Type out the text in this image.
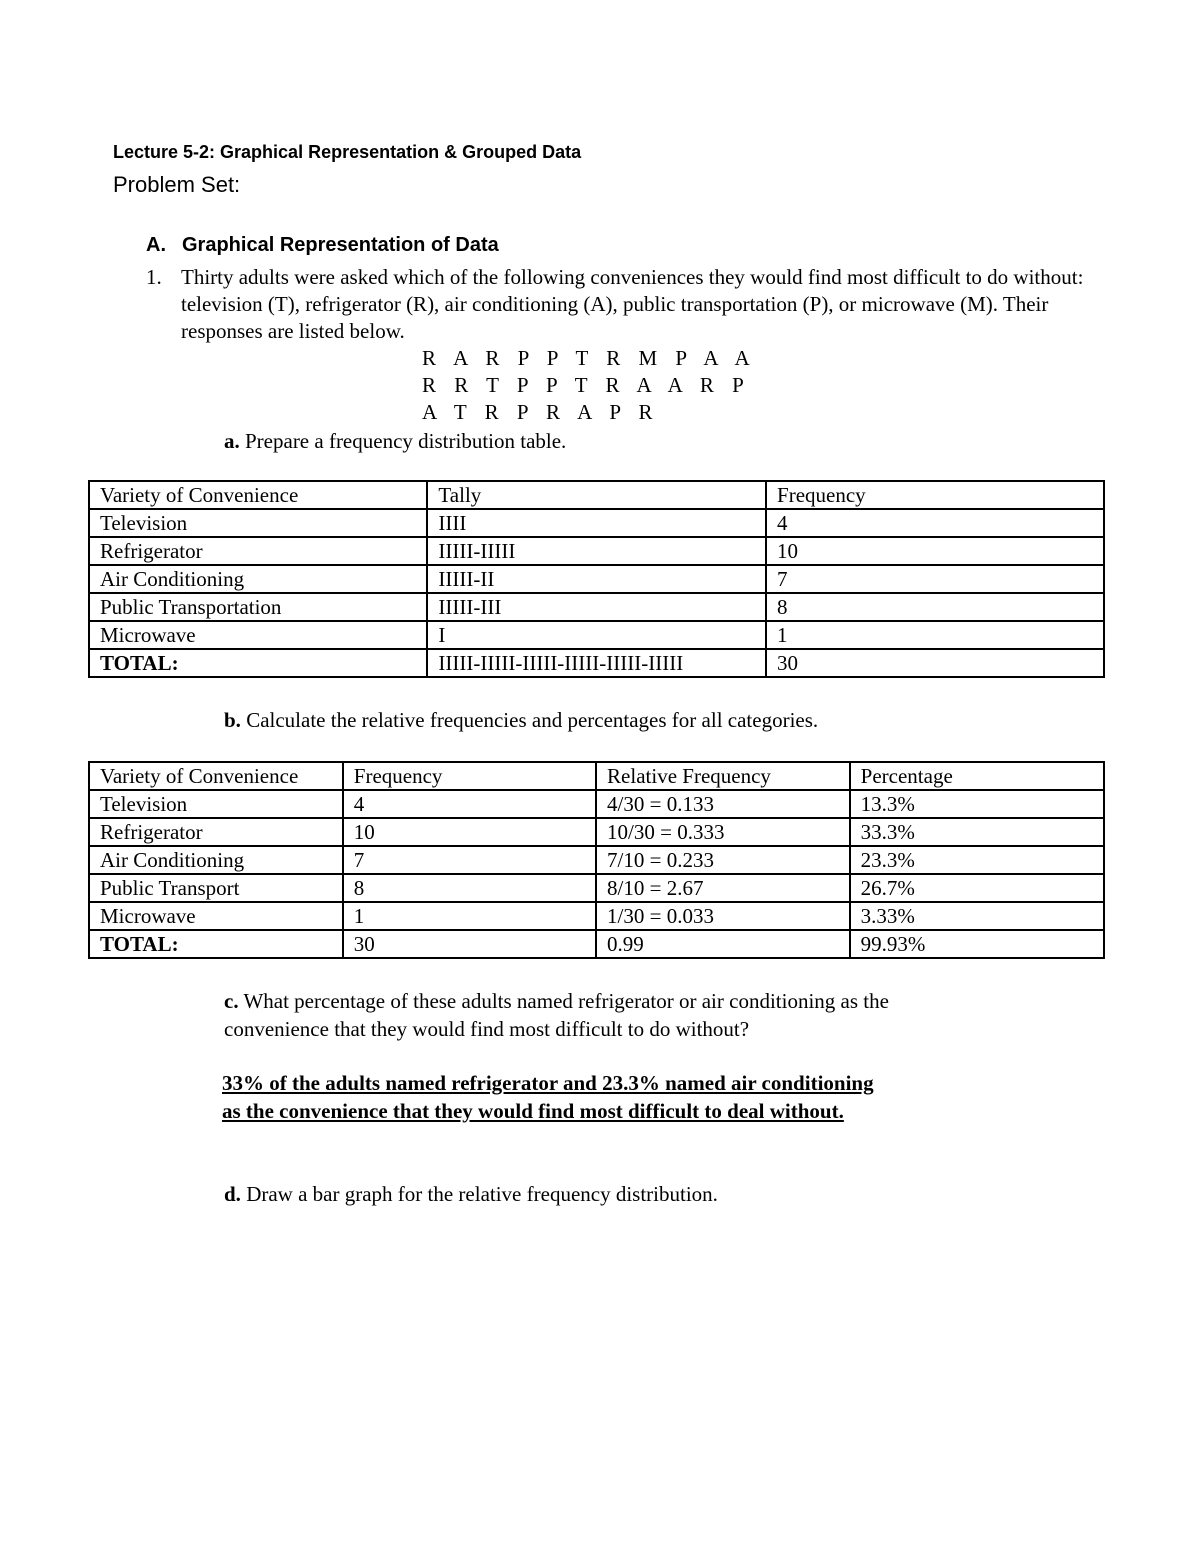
Lecture 5-2: Graphical Representation & Grouped Data
Problem Set:
A. Graphical Representation of Data
1. Thirty adults were asked which of the following conveniences they would find most difficult to do without: television (T), refrigerator (R), air conditioning (A), public transportation (P), or microwave (M). Their responses are listed below.
R A R P P T R M P A A
R R T P P T R A A R P
A T R P R A P R
a. Prepare a frequency distribution table.
Variety of Convenience	Tally	Frequency
Television	IIII	4
Refrigerator	IIIII-IIIII	10
Air Conditioning	IIIII-II	7
Public Transportation	IIIII-III	8
Microwave	I	1
TOTAL:	IIIII-IIIII-IIIII-IIIII-IIIII-IIIII	30
b. Calculate the relative frequencies and percentages for all categories.
Variety of Convenience	Frequency	Relative Frequency	Percentage
Television	4	4/30 = 0.133	13.3%
Refrigerator	10	10/30 = 0.333	33.3%
Air Conditioning	7	7/10 = 0.233	23.3%
Public Transport	8	8/10 = 2.67	26.7%
Microwave	1	1/30 = 0.033	3.33%
TOTAL:	30	0.99	99.93%
c. What percentage of these adults named refrigerator or air conditioning as the convenience that they would find most difficult to do without?
33% of the adults named refrigerator and 23.3% named air conditioning
as the convenience that they would find most difficult to deal without.
d. Draw a bar graph for the relative frequency distribution.
